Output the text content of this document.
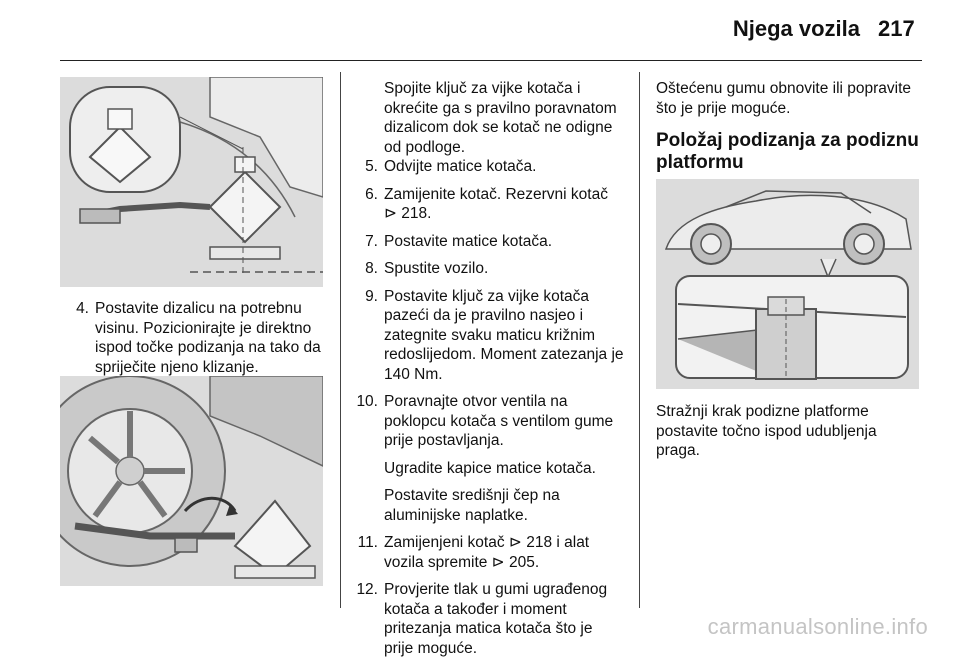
Njega vozila 217
4. Postavite dizalicu na potrebnu visinu. Pozicionirajte je direktno ispod točke podizanja na tako da spriječite njeno klizanje.

Spojite ključ za vijke kotača i okrećite ga s pravilno poravnatom dizalicom dok se kotač ne odigne od podloge.

5. Odvijte matice kotača.
6. Zamijenite kotač. Rezervni kotač ⊳ 218.
7. Postavite matice kotača.
8. Spustite vozilo.
9. Postavite ključ za vijke kotača pazeći da je pravilno nasjeo i zategnite svaku maticu križnim redoslijedom. Moment zatezanja je 140 Nm.
10. Poravnajte otvor ventila na poklopcu kotača s ventilom gume prije postavljanja.
Ugradite kapice matice kotača.
Postavite središnji čep na aluminijske naplatke.
11. Zamijenjeni kotač ⊳ 218 i alat vozila spremite ⊳ 205.
12. Provjerite tlak u gumi ugrađenog kotača a također i moment pritezanja matica kotača što je prije moguće.

Oštećenu gumu obnovite ili popravite što je prije moguće.

Položaj podizanja za podiznu platformu

Stražnji krak podizne platforme postavite točno ispod udubljenja praga.

carmanualsonline.info
